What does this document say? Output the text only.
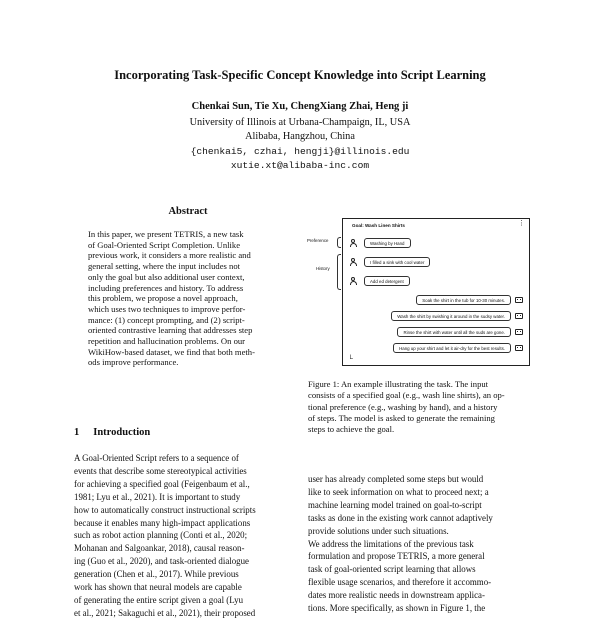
Incorporating Task-Specific Concept Knowledge into Script Learning
Chenkai Sun, Tie Xu, ChengXiang Zhai, Heng ji
University of Illinois at Urbana-Champaign, IL, USA
Alibaba, Hangzhou, China
{chenkai5, czhai, hengji}@illinois.edu
xutie.xt@alibaba-inc.com
Abstract
In this paper, we present TETRIS, a new task
of Goal-Oriented Script Completion. Unlike
previous work, it considers a more realistic and
general setting, where the input includes not
only the goal but also additional user context,
including preferences and history. To address
this problem, we propose a novel approach,
which uses two techniques to improve perfor-
mance: (1) concept prompting, and (2) script-
oriented contrastive learning that addresses step
repetition and hallucination problems. On our
WikiHow-based dataset, we find that both meth-
ods improve performance.
1 Introduction
A Goal-Oriented Script refers to a sequence of
events that describe some stereotypical activities
for achieving a specified goal (Feigenbaum et al.,
1981; Lyu et al., 2021). It is important to study
how to automatically construct instructional scripts
because it enables many high-impact applications
such as robot action planning (Conti et al., 2020;
Mohanan and Salgoankar, 2018), causal reason-
ing (Guo et al., 2020), and task-oriented dialogue
generation (Chen et al., 2017). While previous
work has shown that neural models are capable
of generating the entire script given a goal (Lyu
et al., 2021; Sakaguchi et al., 2021), their proposed
Preference
History
Goal: Wash Linen Shirts	⋮
Washing by Hand
I filled a sink with cool water
Add ed detergent
Soak the shirt in the tub for 10-30 minutes.
Wash the shirt by swishing it around in the sudsy water.
Rinse the shirt with water until all the suds are gone.
Hang up your shirt and let it air-dry for the best results.
└
Figure 1: An example illustrating the task. The input
consists of a specified goal (e.g., wash line shirts), an op-
tional preference (e.g., washing by hand), and a history
of steps. The model is asked to generate the remaining
steps to achieve the goal.
user has already completed some steps but would
like to seek information on what to proceed next; a
machine learning model trained on goal-to-script
tasks as done in the existing work cannot adaptively
provide solutions under such situations.
We address the limitations of the previous task
formulation and propose TETRIS, a more general
task of goal-oriented script learning that allows
flexible usage scenarios, and therefore it accommo-
dates more realistic needs in downstream applica-
tions. More specifically, as shown in Figure 1, the
